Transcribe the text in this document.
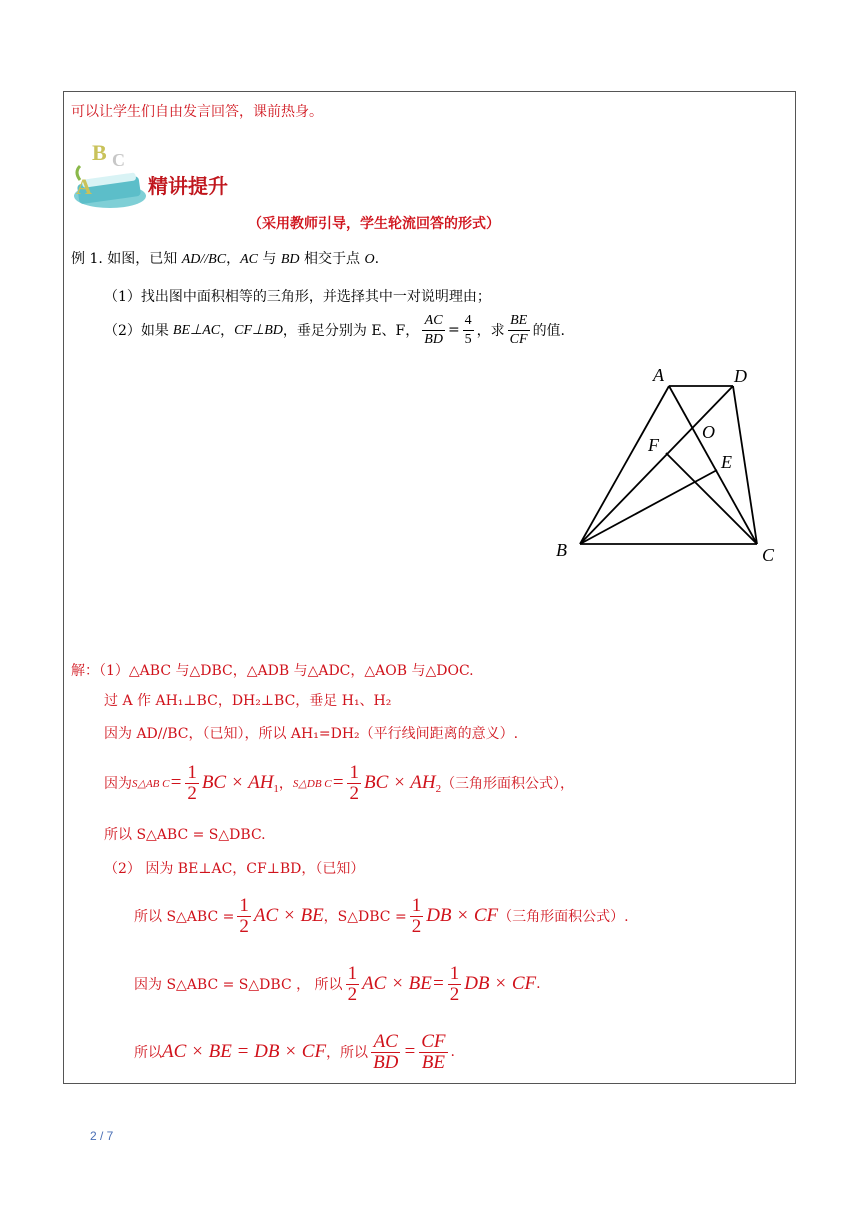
可以让学生们自由发言回答，课前热身。
B C
A	精讲提升
（采用教师引导，学生轮流回答的形式）
例 1. 如图，已知 AD//BC，AC 与 BD 相交于点 O.
（1）找出图中面积相等的三角形，并选择其中一对说明理由；
（2）如果 BE⊥AC ， CF⊥BD ，垂足分别为 E、F， $\frac{AC}{BD} = \frac{4}{5}$ ，求 $\frac{BE}{CF}$ 的值.
A	D
O
F
E
B	C
解：（1）△ABC 与△DBC，△ADB 与△ADC，△AOB 与△DOC.
过 A 作 AH₁⊥BC，DH₂⊥BC，垂足 H₁、H₂
因为 AD//BC，（已知），所以 AH₁=DH₂（平行线间距离的意义）.
因为 S△AB $C = \frac{1}{2}$ BC × AH 1 ， S△DB $C = \frac{1}{2}$ BC × AH 2 （三角形面积公式），
所以 S△ABC = S△DBC.
（2） 因为 BE⊥AC，CF⊥BD，（已知）
所以 S△ABC = $\frac{1}{2}$ AC × BE ，S△DBC = $\frac{1}{2}$ DB × CF （三角形面积公式）.
因为 S△ABC = S△DBC ， 所以 $\frac{1}{2}$ AC × BE = $\frac{1}{2}$ DB × CF .
所以 AC × BE = DB × CF ，所以 $\frac{AC}{BD} = \frac{CF}{BE}$ .
2 / 7
